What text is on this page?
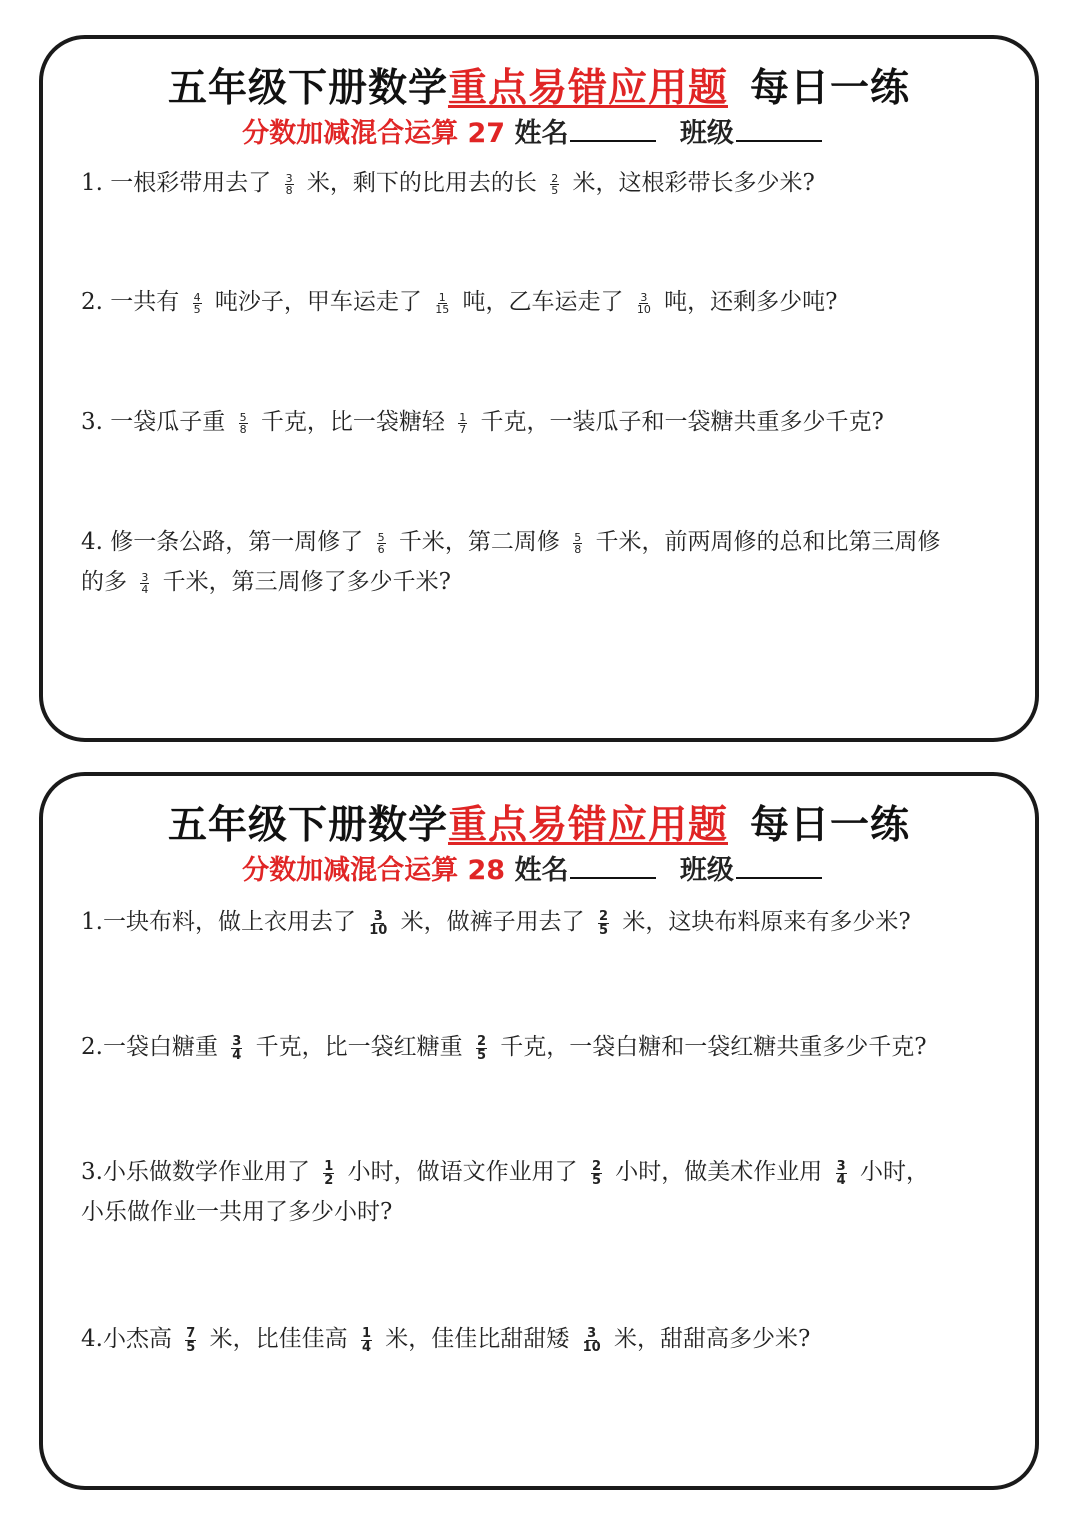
五年级下册数学重点易错应用题 每日一练
分数加减混合运算 27 姓名	班级
1. 一根彩带用去了 $\frac{3}{8}$ 米，剩下的比用去的长 $\frac{2}{5}$ 米，这根彩带长多少米?
2. 一共有 $\frac{4}{5}$ 吨沙子，甲车运走了 $\frac{1}{15}$ 吨，乙车运走了 $\frac{3}{10}$ 吨，还剩多少吨?
3. 一袋瓜子重 $\frac{5}{8}$ 千克，比一袋糖轻 $\frac{1}{7}$ 千克，一装瓜子和一袋糖共重多少千克?
4. 修一条公路，第一周修了 $\frac{5}{6}$ 千米，第二周修 $\frac{5}{8}$ 千米，前两周修的总和比第三周修
的多 $\frac{3}{4}$ 千米，第三周修了多少千米?
五年级下册数学重点易错应用题 每日一练
分数加减混合运算 28 姓名	班级
1.一块布料，做上衣用去了 $\frac{3}{10}$ 米，做裤子用去了 $\frac{2}{5}$ 米，这块布料原来有多少米?
2.一袋白糖重 $\frac{3}{4}$ 千克，比一袋红糖重 $\frac{2}{5}$ 千克，一袋白糖和一袋红糖共重多少千克?
3.小乐做数学作业用了 $\frac{1}{2}$ 小时，做语文作业用了 $\frac{2}{5}$ 小时，做美术作业用 $\frac{3}{4}$ 小时，
小乐做作业一共用了多少小时?
4.小杰高 $\frac{7}{5}$ 米，比佳佳高 $\frac{1}{4}$ 米，佳佳比甜甜矮 $\frac{3}{10}$ 米，甜甜高多少米?
